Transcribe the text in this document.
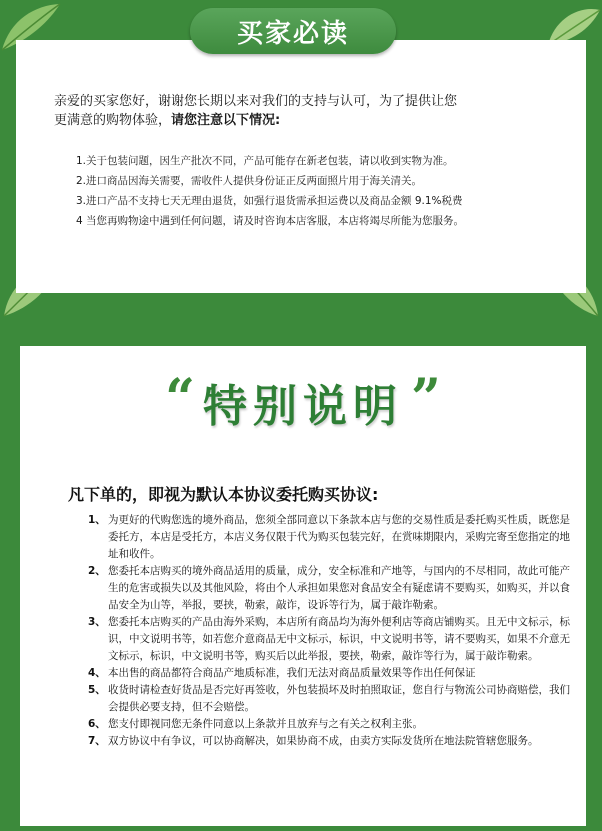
亲爱的买家您好，谢谢您长期以来对我们的支持与认可，为了提供让您
更满意的购物体验，请您注意以下情况:
1.关于包装问题，因生产批次不同，产品可能存在新老包装，请以收到实物为准。
2.进口商品因海关需要，需收件人提供身份证正反两面照片用于海关清关。
3.进口产品不支持七天无理由退货，如强行退货需承担运费以及商品金额 9.1%税费
4 当您再购物途中遇到任何问题，请及时咨询本店客服，本店将竭尽所能为您服务。
买家必读
“ 特别说明 ”
凡下单的，即视为默认本协议委托购买协议:
1、 为更好的代购您选的境外商品，您须全部同意以下条款本店与您的交易性质是委托购买性质，既您是委托方，本店是受托方，本店义务仅限于代为购买包装完好，在赏味期限内，采购完寄至您指定的地址和收件。
2、 您委托本店购买的境外商品适用的质量，成分，安全标准和产地等，与国内的不尽相同，故此可能产生的危害或损失以及其他风险，将由个人承担如果您对食品安全有疑虑请不要购买，如购买，并以食品安全为山等，举报，要挟，勒索，敲诈，设诉等行为，属于敲诈勒索。
3、 您委托本店购买的产品由海外采购，本店所有商品均为海外便利店等商店铺购买。且无中文标示，标识，中文说明书等，如若您介意商品无中文标示，标识，中文说明书等，请不要购买，如果不介意无文标示，标识，中文说明书等，购买后以此举报，要挟，勒索，敲诈等行为，属于敲诈勒索。
4、 本出售的商品都符合商品产地质标准，我们无法对商品质量效果等作出任何保证
5、 收货时请检查好货品是否完好再签收，外包装损坏及时拍照取证，您自行与物流公司协商赔偿，我们会提供必要支持，但不会赔偿。
6、 您支付即视同您无条件同意以上条款并且放弃与之有关之权利主张。
7、 双方协议中有争议，可以协商解决，如果协商不成，由卖方实际发货所在地法院管辖您服务。
